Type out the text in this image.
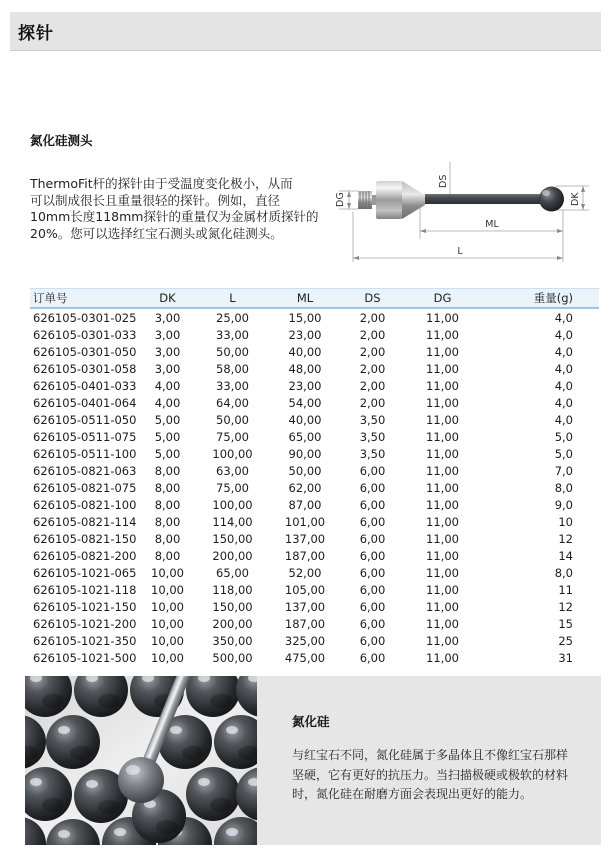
探针
氮化硅测头
ThermoFit杆的探针由于受温度变化极小，从而
可以制成很长且重量很轻的探针。例如，直径
10mm长度118mm探针的重量仅为金属材质探针的
20%。您可以选择红宝石测头或氮化硅测头。
DG
DS
DK
ML
L
订单号	DK	L	ML	DS	DG	重量(g)
626105-0301-025	3,00	25,00	15,00	2,00	11,00	4,0
626105-0301-033	3,00	33,00	23,00	2,00	11,00	4,0
626105-0301-050	3,00	50,00	40,00	2,00	11,00	4,0
626105-0301-058	3,00	58,00	48,00	2,00	11,00	4,0
626105-0401-033	4,00	33,00	23,00	2,00	11,00	4,0
626105-0401-064	4,00	64,00	54,00	2,00	11,00	4,0
626105-0511-050	5,00	50,00	40,00	3,50	11,00	4,0
626105-0511-075	5,00	75,00	65,00	3,50	11,00	5,0
626105-0511-100	5,00	100,00	90,00	3,50	11,00	5,0
626105-0821-063	8,00	63,00	50,00	6,00	11,00	7,0
626105-0821-075	8,00	75,00	62,00	6,00	11,00	8,0
626105-0821-100	8,00	100,00	87,00	6,00	11,00	9,0
626105-0821-114	8,00	114,00	101,00	6,00	11,00	10
626105-0821-150	8,00	150,00	137,00	6,00	11,00	12
626105-0821-200	8,00	200,00	187,00	6,00	11,00	14
626105-1021-065	10,00	65,00	52,00	6,00	11,00	8,0
626105-1021-118	10,00	118,00	105,00	6,00	11,00	11
626105-1021-150	10,00	150,00	137,00	6,00	11,00	12
626105-1021-200	10,00	200,00	187,00	6,00	11,00	15
626105-1021-350	10,00	350,00	325,00	6,00	11,00	25
626105-1021-500	10,00	500,00	475,00	6,00	11,00	31
氮化硅
与红宝石不同，氮化硅属于多晶体且不像红宝石那样
坚硬，它有更好的抗压力。当扫描极硬或极软的材料
时，氮化硅在耐磨方面会表现出更好的能力。
